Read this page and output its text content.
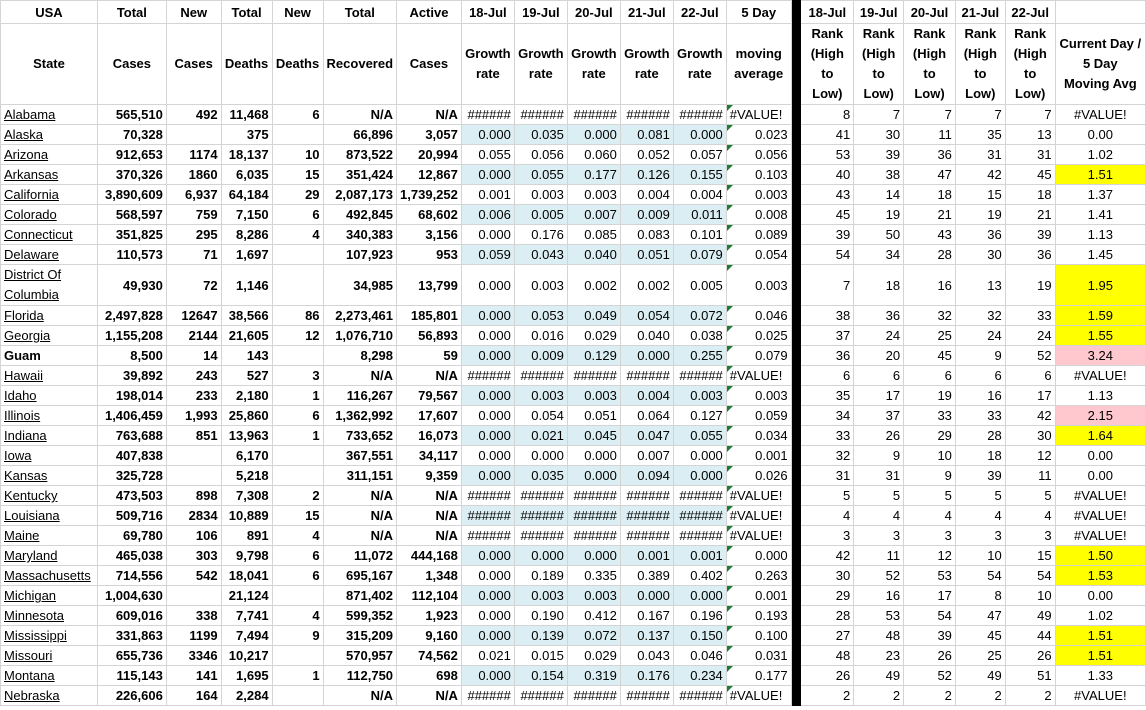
USA	Total	New	Total	New	Total	Active	18-Jul	19-Jul	20-Jul	21-Jul	22-Jul	5 Day		18-Jul	19-Jul	20-Jul	21-Jul	22-Jul	
State	Cases	Cases	Deaths	Deaths	Recovered	Cases	Growth rate	Growth rate	Growth rate	Growth rate	Growth rate	moving average		Rank (High to Low)	Rank (High to Low)	Rank (High to Low)	Rank (High to Low)	Rank (High to Low)	Current Day / 5 Day Moving Avg
Alabama	565,510	492	11,468	6	N/A	N/A	######	######	######	######	######	#VALUE!		8	7	7	7	7	#VALUE!
Alaska	70,328		375		66,896	3,057	0.000	0.035	0.000	0.081	0.000	0.023		41	30	11	35	13	0.00
Arizona	912,653	1174	18,137	10	873,522	20,994	0.055	0.056	0.060	0.052	0.057	0.056		53	39	36	31	31	1.02
Arkansas	370,326	1860	6,035	15	351,424	12,867	0.000	0.055	0.177	0.126	0.155	0.103		40	38	47	42	45	1.51
California	3,890,609	6,937	64,184	29	2,087,173	1,739,252	0.001	0.003	0.003	0.004	0.004	0.003		43	14	18	15	18	1.37
Colorado	568,597	759	7,150	6	492,845	68,602	0.006	0.005	0.007	0.009	0.011	0.008		45	19	21	19	21	1.41
Connecticut	351,825	295	8,286	4	340,383	3,156	0.000	0.176	0.085	0.083	0.101	0.089		39	50	43	36	39	1.13
Delaware	110,573	71	1,697		107,923	953	0.059	0.043	0.040	0.051	0.079	0.054		54	34	28	30	36	1.45
District Of Columbia	49,930	72	1,146		34,985	13,799	0.000	0.003	0.002	0.002	0.005	0.003		7	18	16	13	19	1.95
Florida	2,497,828	12647	38,566	86	2,273,461	185,801	0.000	0.053	0.049	0.054	0.072	0.046		38	36	32	32	33	1.59
Georgia	1,155,208	2144	21,605	12	1,076,710	56,893	0.000	0.016	0.029	0.040	0.038	0.025		37	24	25	24	24	1.55
Guam	8,500	14	143		8,298	59	0.000	0.009	0.129	0.000	0.255	0.079		36	20	45	9	52	3.24
Hawaii	39,892	243	527	3	N/A	N/A	######	######	######	######	######	#VALUE!		6	6	6	6	6	#VALUE!
Idaho	198,014	233	2,180	1	116,267	79,567	0.000	0.003	0.003	0.004	0.003	0.003		35	17	19	16	17	1.13
Illinois	1,406,459	1,993	25,860	6	1,362,992	17,607	0.000	0.054	0.051	0.064	0.127	0.059		34	37	33	33	42	2.15
Indiana	763,688	851	13,963	1	733,652	16,073	0.000	0.021	0.045	0.047	0.055	0.034		33	26	29	28	30	1.64
Iowa	407,838		6,170		367,551	34,117	0.000	0.000	0.000	0.007	0.000	0.001		32	9	10	18	12	0.00
Kansas	325,728		5,218		311,151	9,359	0.000	0.035	0.000	0.094	0.000	0.026		31	31	9	39	11	0.00
Kentucky	473,503	898	7,308	2	N/A	N/A	######	######	######	######	######	#VALUE!		5	5	5	5	5	#VALUE!
Louisiana	509,716	2834	10,889	15	N/A	N/A	######	######	######	######	######	#VALUE!		4	4	4	4	4	#VALUE!
Maine	69,780	106	891	4	N/A	N/A	######	######	######	######	######	#VALUE!		3	3	3	3	3	#VALUE!
Maryland	465,038	303	9,798	6	11,072	444,168	0.000	0.000	0.000	0.001	0.001	0.000		42	11	12	10	15	1.50
Massachusetts	714,556	542	18,041	6	695,167	1,348	0.000	0.189	0.335	0.389	0.402	0.263		30	52	53	54	54	1.53
Michigan	1,004,630		21,124		871,402	112,104	0.000	0.003	0.003	0.000	0.000	0.001		29	16	17	8	10	0.00
Minnesota	609,016	338	7,741	4	599,352	1,923	0.000	0.190	0.412	0.167	0.196	0.193		28	53	54	47	49	1.02
Mississippi	331,863	1199	7,494	9	315,209	9,160	0.000	0.139	0.072	0.137	0.150	0.100		27	48	39	45	44	1.51
Missouri	655,736	3346	10,217		570,957	74,562	0.021	0.015	0.029	0.043	0.046	0.031		48	23	26	25	26	1.51
Montana	115,143	141	1,695	1	112,750	698	0.000	0.154	0.319	0.176	0.234	0.177		26	49	52	49	51	1.33
Nebraska	226,606	164	2,284		N/A	N/A	######	######	######	######	######	#VALUE!		2	2	2	2	2	#VALUE!
